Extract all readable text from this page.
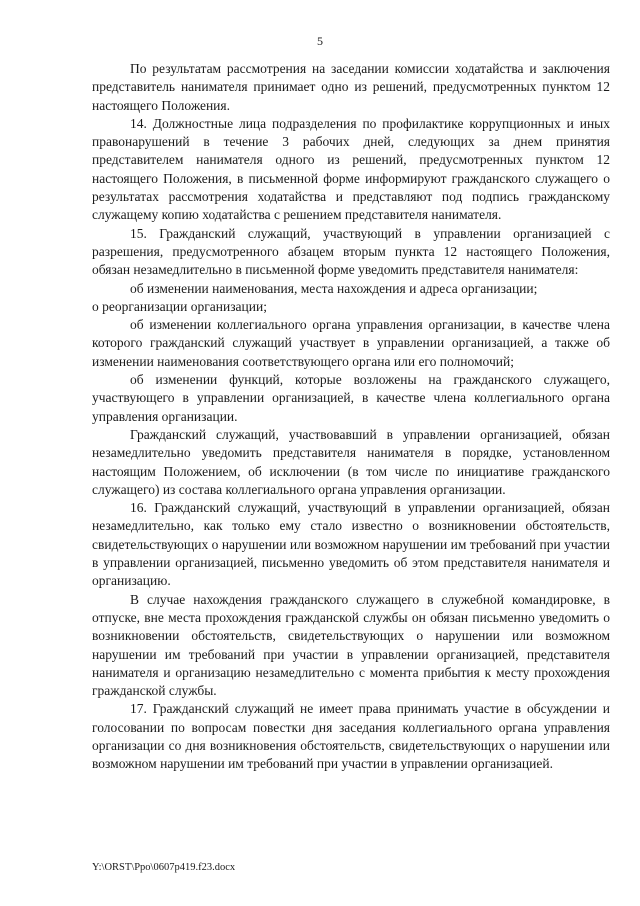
5

По результатам рассмотрения на заседании комиссии ходатайства и заключения представитель нанимателя принимает одно из решений, предусмотренных пунктом 12 настоящего Положения.

14. Должностные лица подразделения по профилактике коррупционных и иных правонарушений в течение 3 рабочих дней, следующих за днем принятия представителем нанимателя одного из решений, предусмотренных пунктом 12 настоящего Положения, в письменной форме информируют гражданского служащего о результатах рассмотрения ходатайства и представляют под подпись гражданскому служащему копию ходатайства с решением представителя нанимателя.

15. Гражданский служащий, участвующий в управлении организацией с разрешения, предусмотренного абзацем вторым пункта 12 настоящего Положения, обязан незамедлительно в письменной форме уведомить представителя нанимателя:

об изменении наименования, места нахождения и адреса организации;

о реорганизации организации;

об изменении коллегиального органа управления организации, в качестве члена которого гражданский служащий участвует в управлении организацией, а также об изменении наименования соответствующего органа или его полномочий;

об изменении функций, которые возложены на гражданского служащего, участвующего в управлении организацией, в качестве члена коллегиального органа управления организации.

Гражданский служащий, участвовавший в управлении организацией, обязан незамедлительно уведомить представителя нанимателя в порядке, установленном настоящим Положением, об исключении (в том числе по инициативе гражданского служащего) из состава коллегиального органа управления организации.

16. Гражданский служащий, участвующий в управлении организацией, обязан незамедлительно, как только ему стало известно о возникновении обстоятельств, свидетельствующих о нарушении или возможном нарушении им требований при участии в управлении организацией, письменно уведомить об этом представителя нанимателя и организацию.

В случае нахождения гражданского служащего в служебной командировке, в отпуске, вне места прохождения гражданской службы он обязан письменно уведомить о возникновении обстоятельств, свидетельствующих о нарушении или возможном нарушении им требований при участии в управлении организацией, представителя нанимателя и организацию незамедлительно с момента прибытия к месту прохождения гражданской службы.

17. Гражданский служащий не имеет права принимать участие в обсуждении и голосовании по вопросам повестки дня заседания коллегиального органа управления организации со дня возникновения обстоятельств, свидетельствующих о нарушении или возможном нарушении им требований при участии в управлении организацией.

Y:\ORST\Ppo\0607p419.f23.docx
